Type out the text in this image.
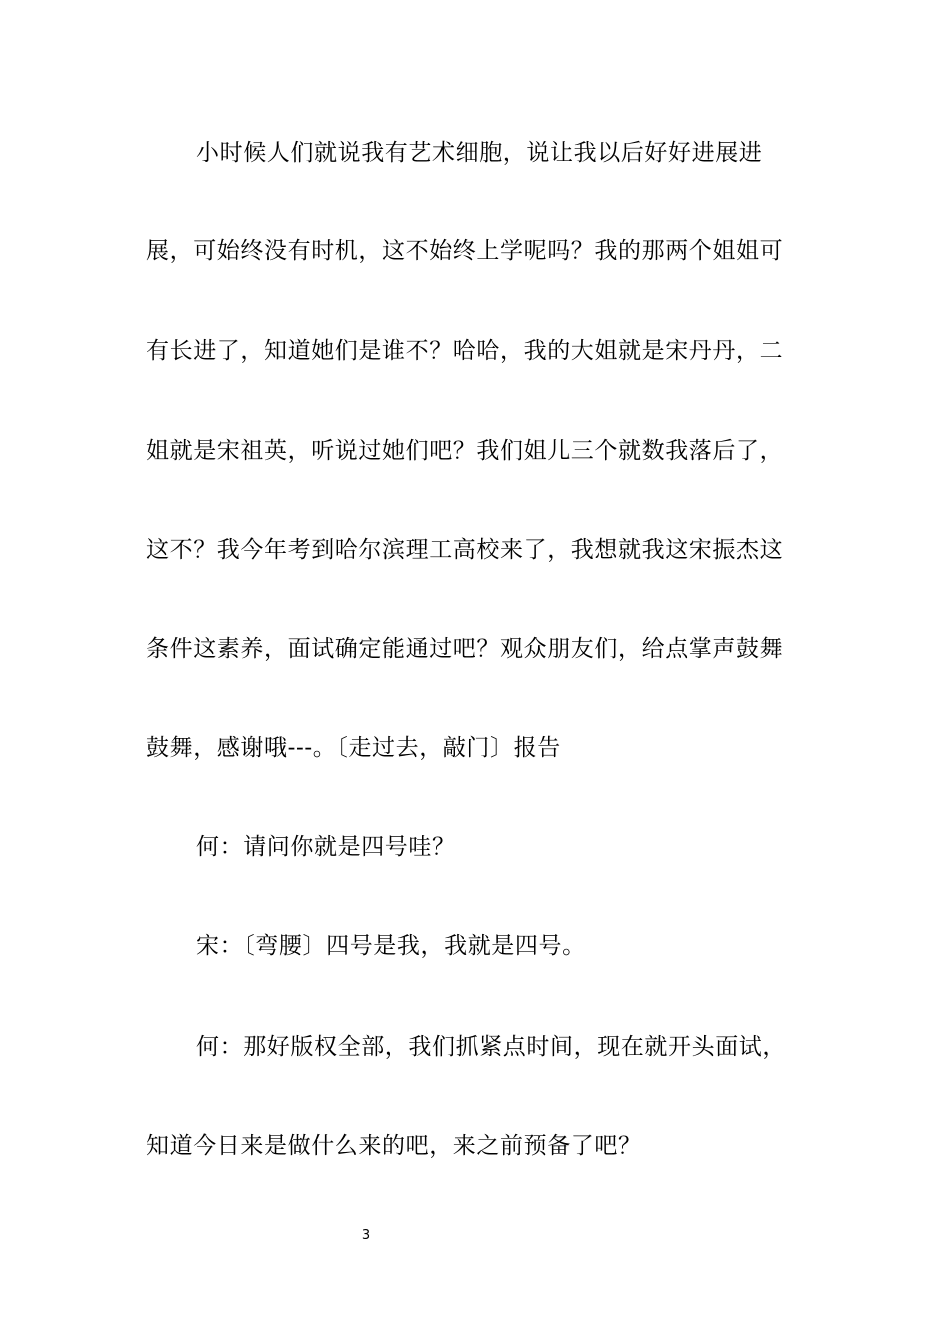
小时候人们就说我有艺术细胞，说让我以后好好进展进
展，可始终没有时机，这不始终上学呢吗？我的那两个姐姐可
有长进了，知道她们是谁不？哈哈，我的大姐就是宋丹丹，二
姐就是宋祖英，听说过她们吧？我们姐儿三个就数我落后了，
这不？我今年考到哈尔滨理工高校来了，我想就我这宋振杰这
条件这素养，面试确定能通过吧？观众朋友们，给点掌声鼓舞
鼓舞，感谢哦---。〔走过去，敲门〕报告
何：请问你就是四号哇？
宋：〔弯腰〕四号是我，我就是四号。
何：那好版权全部，我们抓紧点时间，现在就开头面试，
知道今日来是做什么来的吧，来之前预备了吧？
3
